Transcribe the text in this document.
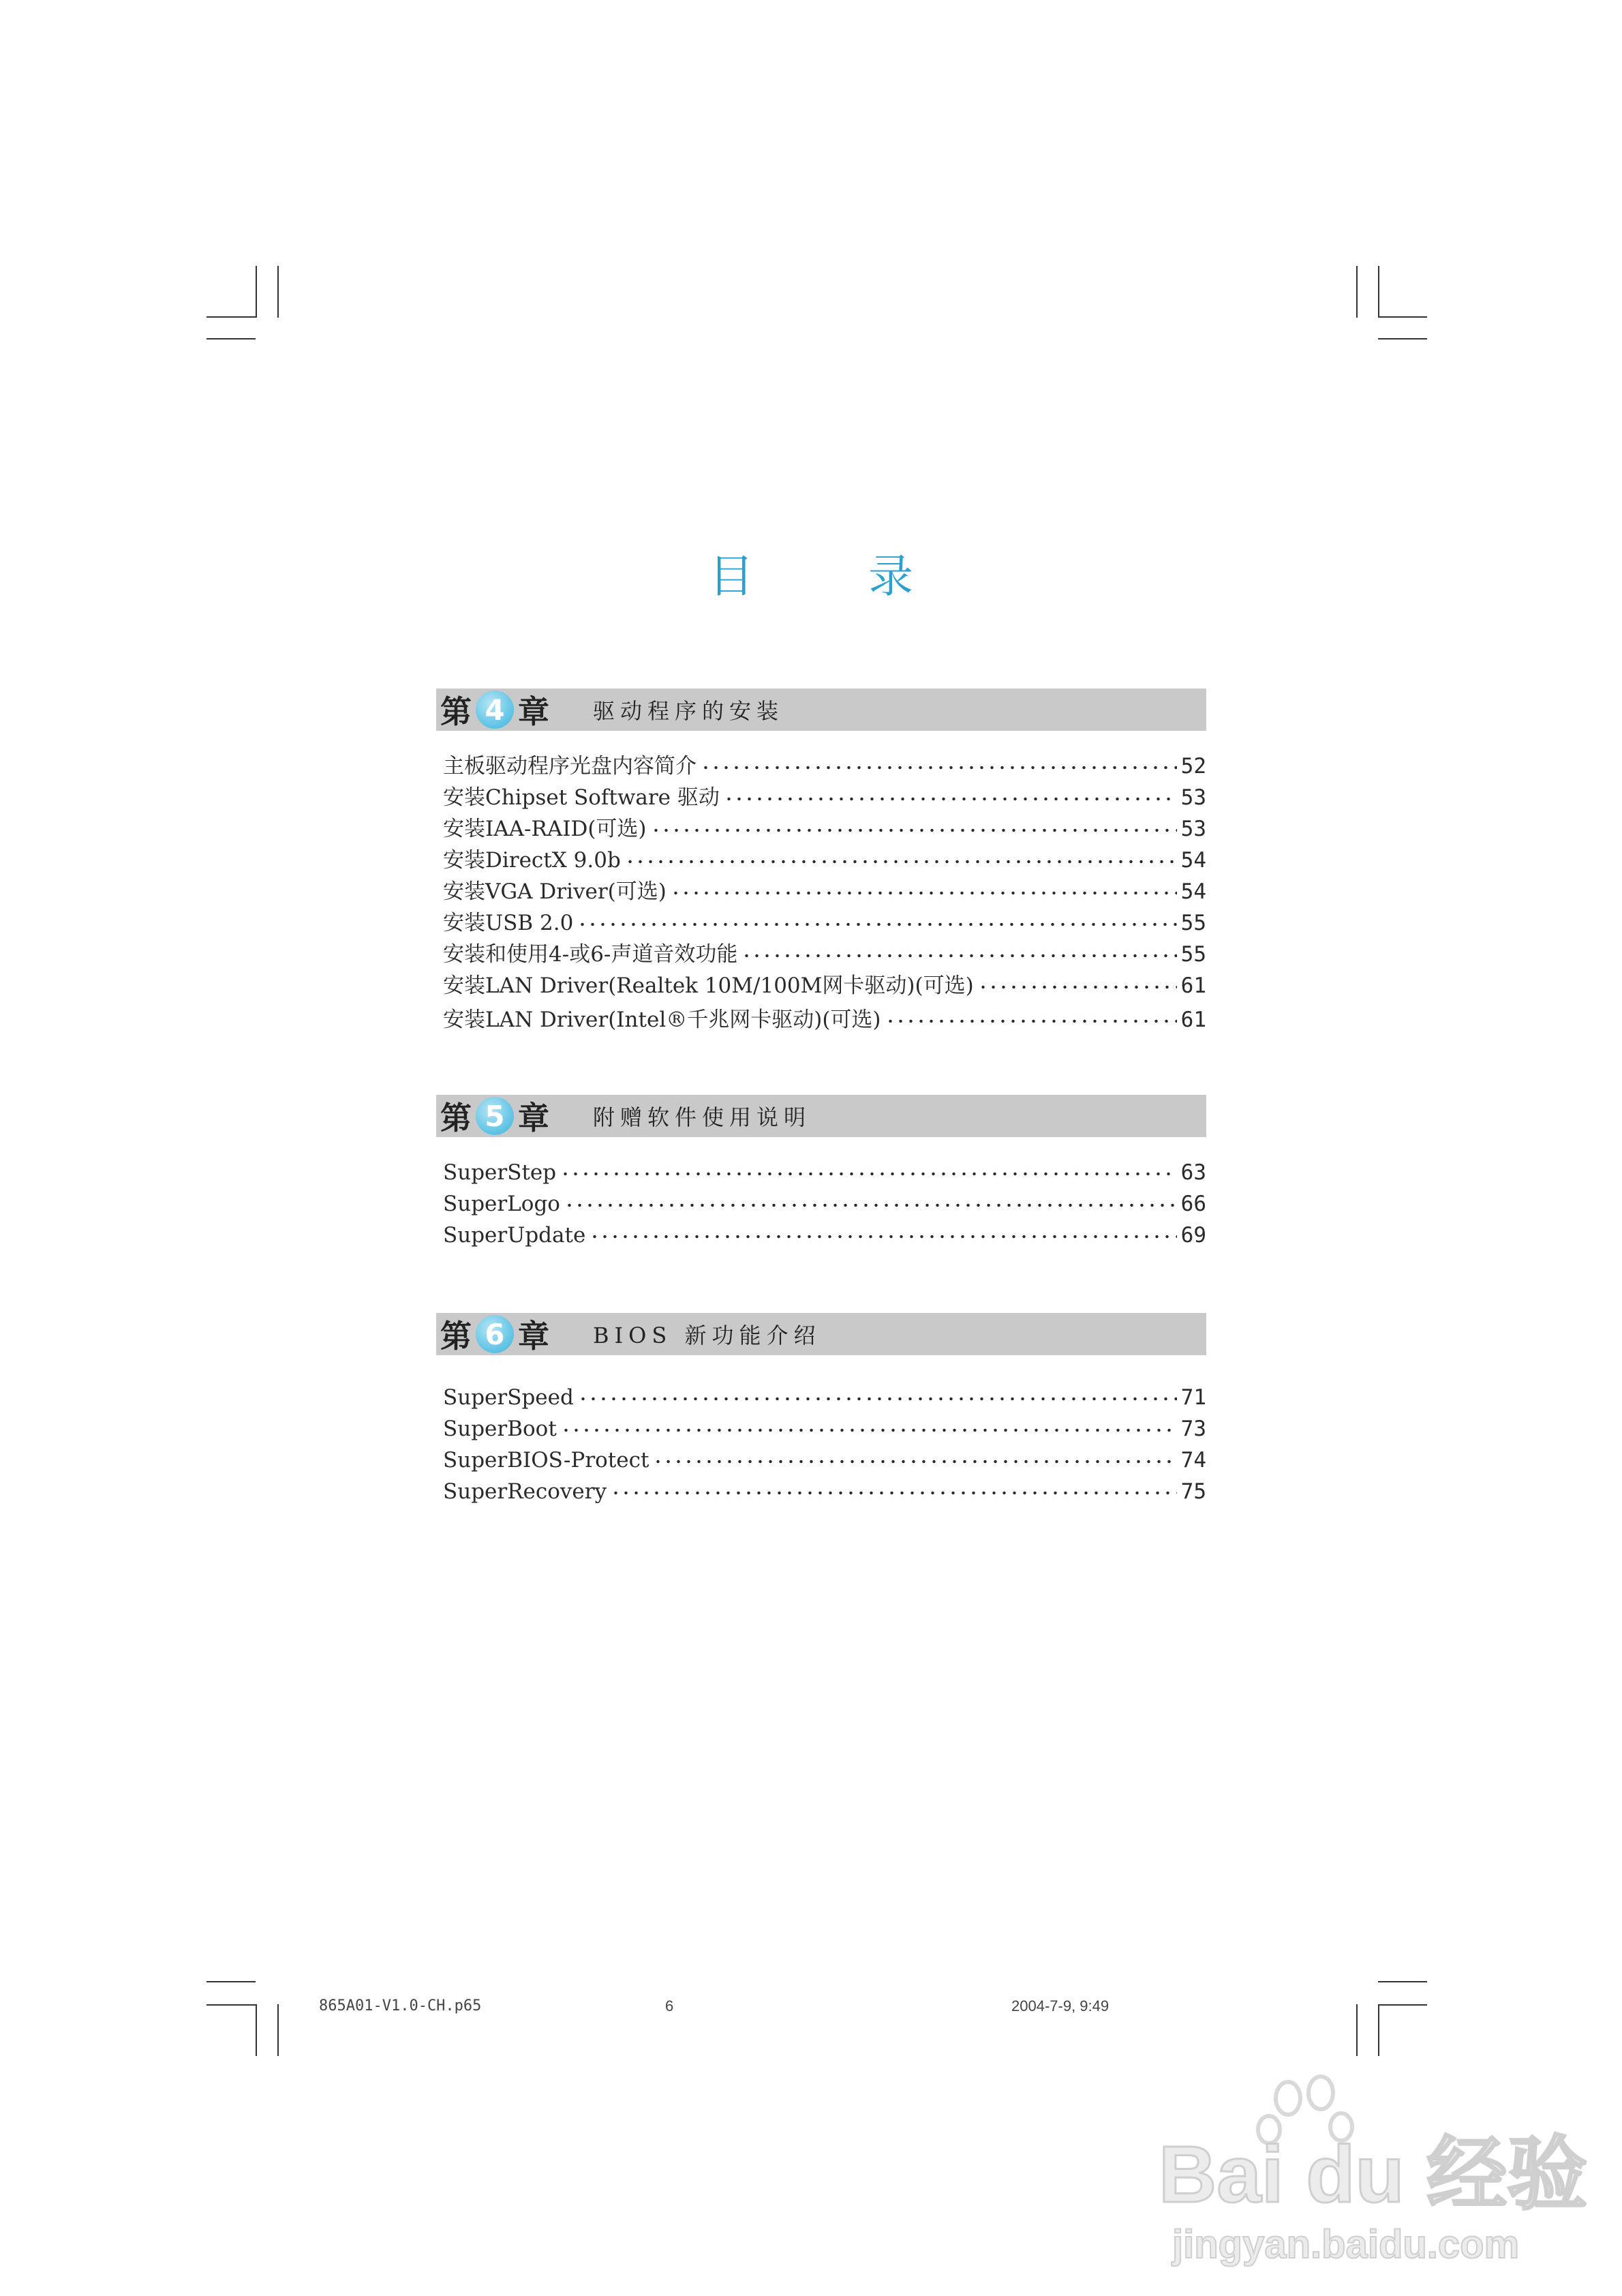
目	录
第 4 章 驱动程序的安装
主板驱动程序光盘内容简介	52
安装Chipset Software 驱动	53
安装IAA-RAID(可选)	53
安装DirectX 9.0b	54
安装VGA Driver(可选)	54
安装USB 2.0	55
安装和使用4-或6-声道音效功能	55
安装LAN Driver(Realtek 10M/100M网卡驱动)(可选)	61
安装LAN Driver(Intel®千兆网卡驱动)(可选)	61
第 5 章 附赠软件使用说明
SuperStep	63
SuperLogo	66
SuperUpdate	69
第 6 章 BIOS 新功能介绍
SuperSpeed	71
SuperBoot	73
SuperBIOS-Protect	74
SuperRecovery	75
865A01-V1.0-CH.p65	6	2004-7-9, 9:49
Bai du 经验
jingyan.baidu.com
